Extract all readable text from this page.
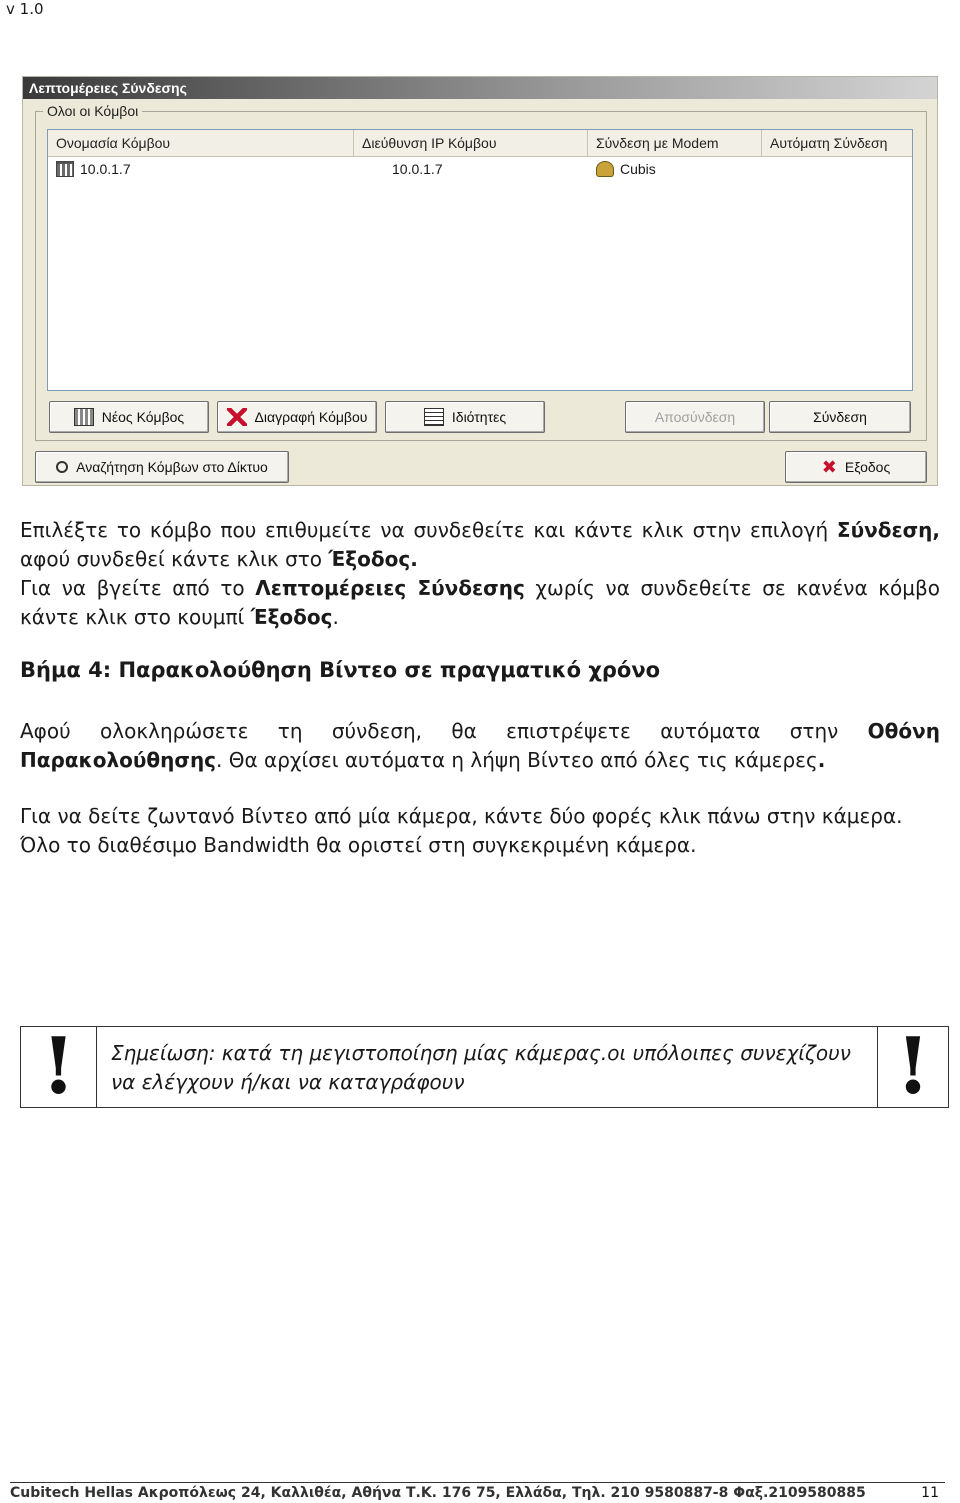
v 1.0
Λεπτομέρειες Σύνδεσης
Ολοι οι Κόμβοι
Ονομασία Κόμβου	Διεύθυνση IP Κόμβου	Σύνδεση με Modem	Αυτόματη Σύνδεση
10.0.1.7	10.0.1.7	Cubis
Νέος Κόμβος	Διαγραφή Κόμβου	Ιδιότητες	Αποσύνδεση	Σύνδεση
Αναζήτηση Κόμβων στο Δίκτυο	✖ Εξοδος
Επιλέξτε το κόμβο που επιθυμείτε να συνδεθείτε και κάντε κλικ στην επιλογή Σύνδεση,
αφού συνδεθεί κάντε κλικ στο Έξοδος.
Για να βγείτε από το Λεπτομέρειες Σύνδεσης χωρίς να συνδεθείτε σε κανένα κόμβο
κάντε κλικ στο κουμπί Έξοδος.
Βήμα 4: Παρακολούθηση Βίντεο σε πραγματικό χρόνο
Αφού ολοκληρώσετε τη σύνδεση, θα επιστρέψετε αυτόματα στην Οθόνη
Παρακολούθησης. Θα αρχίσει αυτόματα η λήψη Βίντεο από όλες τις κάμερες.
Για να δείτε ζωντανό Βίντεο από μία κάμερα, κάντε δύο φορές κλικ πάνω στην κάμερα.
Όλο το διαθέσιμο Bandwidth θα οριστεί στη συγκεκριμένη κάμερα.
! Σημείωση: κατά τη μεγιστοποίηση μίας κάμερας.οι υπόλοιπες συνεχίζουν
να ελέγχουν ή/και να καταγράφουν	!
Cubitech Hellas Ακροπόλεως 24, Καλλιθέα, Αθήνα Τ.Κ. 176 75, Ελλάδα, Τηλ. 210 9580887-8 Φαξ.2109580885	11
